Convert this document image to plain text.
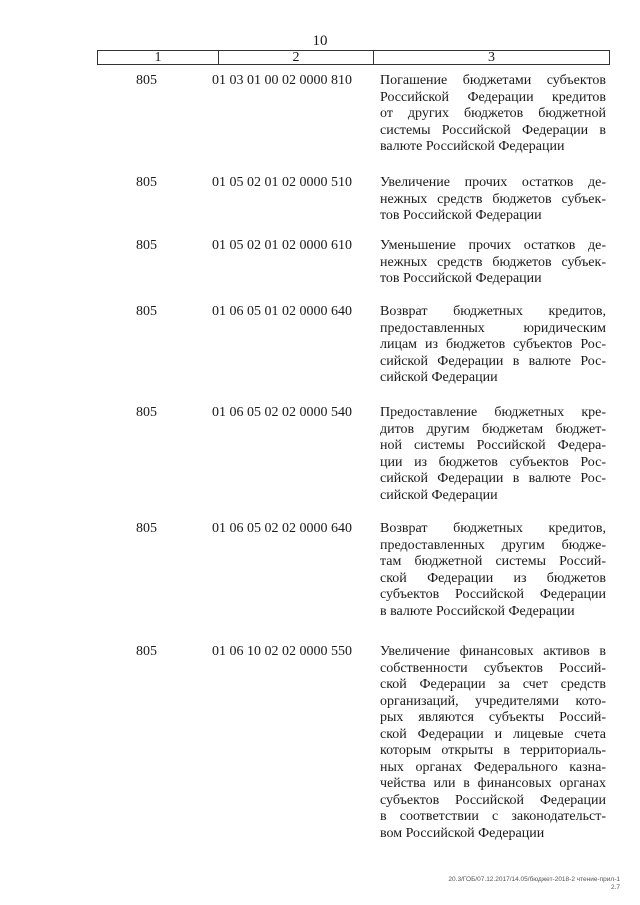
10
1	2	3
805	01 03 01 00 02 0000 810	Погашение бюджетами субъектов
Российской Федерации кредитов
от других бюджетов бюджетной
системы Российской Федерации в
валюте Российской Федерации
805	01 05 02 01 02 0000 510	Увеличение прочих остатков де-
нежных средств бюджетов субъек-
тов Российской Федерации
805	01 05 02 01 02 0000 610	Уменьшение прочих остатков де-
нежных средств бюджетов субъек-
тов Российской Федерации
805	01 06 05 01 02 0000 640	Возврат бюджетных кредитов,
предоставленных юридическим
лицам из бюджетов субъектов Рос-
сийской Федерации в валюте Рос-
сийской Федерации
805	01 06 05 02 02 0000 540	Предоставление бюджетных кре-
дитов другим бюджетам бюджет-
ной системы Российской Федера-
ции из бюджетов субъектов Рос-
сийской Федерации в валюте Рос-
сийской Федерации
805	01 06 05 02 02 0000 640	Возврат бюджетных кредитов,
предоставленных другим бюдже-
там бюджетной системы Россий-
ской Федерации из бюджетов
субъектов Российской Федерации
в валюте Российской Федерации
805	01 06 10 02 02 0000 550	Увеличение финансовых активов в
собственности субъектов Россий-
ской Федерации за счет средств
организаций, учредителями кото-
рых являются субъекты Россий-
ской Федерации и лицевые счета
которым открыты в территориаль-
ных органах Федерального казна-
чейства или в финансовых органах
субъектов Российской Федерации
в соответствии с законодательст-
вом Российской Федерации
20.3/ГОБ/07.12.2017/14.05/бюджет-2018-2 чтение-прил-1
2.7
